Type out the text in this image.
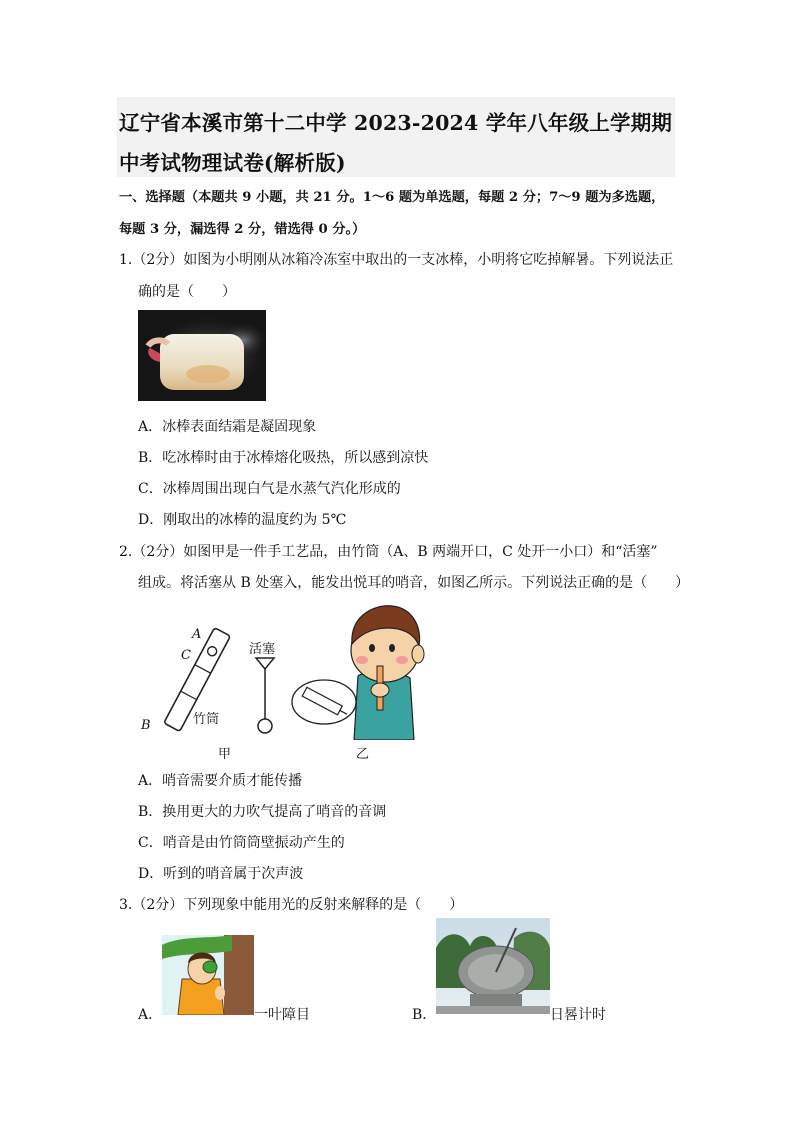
辽宁省本溪市第十二中学 2023-2024 学年八年级上学期期
中考试物理试卷(解析版)
一、选择题（本题共 9 小题，共 21 分。1～6 题为单选题，每题 2 分；7～9 题为多选题，
每题 3 分，漏选得 2 分，错选得 0 分。）
1.（2分）如图为小明刚从冰箱冷冻室中取出的一支冰棒，小明将它吃掉解暑。下列说法正
确的是（　　）
A．冰棒表面结霜是凝固现象
B．吃冰棒时由于冰棒熔化吸热，所以感到凉快
C．冰棒周围出现白气是水蒸气汽化形成的
D．刚取出的冰棒的温度约为 5℃
2.（2分）如图甲是一件手工艺品，由竹筒（A、B 两端开口，C 处开一小口）和“活塞”
组成。将活塞从 B 处塞入，能发出悦耳的哨音，如图乙所示。下列说法正确的是（　　）
A
C
B	竹筒
活塞
甲	乙
A．哨音需要介质才能传播
B．换用更大的力吹气提高了哨音的音调
C．哨音是由竹筒筒壁振动产生的
D．听到的哨音属于次声波
3.（2分）下列现象中能用光的反射来解释的是（　　）
A．	一叶障目	B．	日晷计时
